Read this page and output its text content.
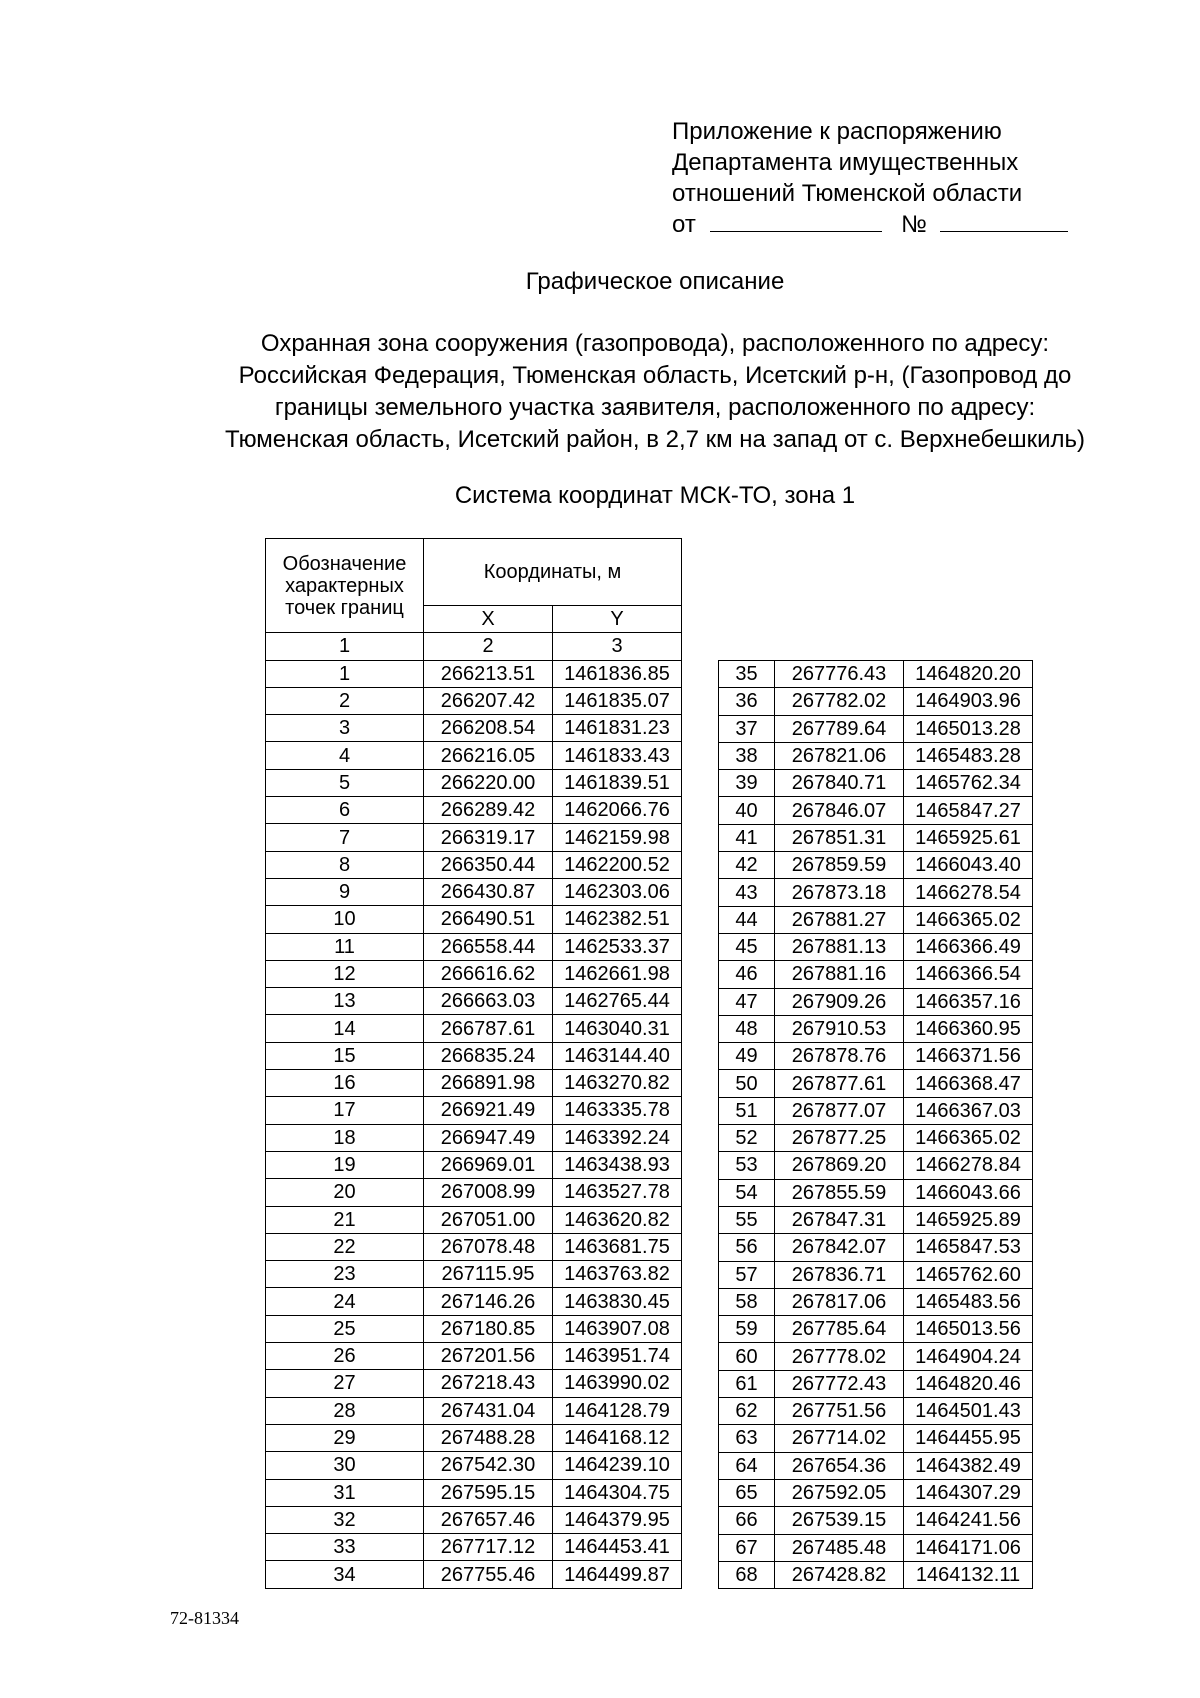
Приложение к распоряжению
Департамента имущественных
отношений Тюменской области
от	№
Графическое описание
Охранная зона сооружения (газопровода), расположенного по адресу:
Российская Федерация, Тюменская область, Исетский р-н, (Газопровод до
границы земельного участка заявителя, расположенного по адресу:
Тюменская область, Исетский район, в 2,7 км на запад от с. Верхнебешкиль)
Система координат МСК-ТО, зона 1
Обозначение
характерных
точек границ	Координаты, м	
	X	Y
1	2	3
1	266213.51	1461836.85
2	266207.42	1461835.07
3	266208.54	1461831.23
4	266216.05	1461833.43
5	266220.00	1461839.51
6	266289.42	1462066.76
7	266319.17	1462159.98
8	266350.44	1462200.52
9	266430.87	1462303.06
10	266490.51	1462382.51
11	266558.44	1462533.37
12	266616.62	1462661.98
13	266663.03	1462765.44
14	266787.61	1463040.31
15	266835.24	1463144.40
16	266891.98	1463270.82
17	266921.49	1463335.78
18	266947.49	1463392.24
19	266969.01	1463438.93
20	267008.99	1463527.78
21	267051.00	1463620.82
22	267078.48	1463681.75
23	267115.95	1463763.82
24	267146.26	1463830.45
25	267180.85	1463907.08
26	267201.56	1463951.74
27	267218.43	1463990.02
28	267431.04	1464128.79
29	267488.28	1464168.12
30	267542.30	1464239.10
31	267595.15	1464304.75
32	267657.46	1464379.95
33	267717.12	1464453.41
34	267755.46	1464499.87
35	267776.43	1464820.20
36	267782.02	1464903.96
37	267789.64	1465013.28
38	267821.06	1465483.28
39	267840.71	1465762.34
40	267846.07	1465847.27
41	267851.31	1465925.61
42	267859.59	1466043.40
43	267873.18	1466278.54
44	267881.27	1466365.02
45	267881.13	1466366.49
46	267881.16	1466366.54
47	267909.26	1466357.16
48	267910.53	1466360.95
49	267878.76	1466371.56
50	267877.61	1466368.47
51	267877.07	1466367.03
52	267877.25	1466365.02
53	267869.20	1466278.84
54	267855.59	1466043.66
55	267847.31	1465925.89
56	267842.07	1465847.53
57	267836.71	1465762.60
58	267817.06	1465483.56
59	267785.64	1465013.56
60	267778.02	1464904.24
61	267772.43	1464820.46
62	267751.56	1464501.43
63	267714.02	1464455.95
64	267654.36	1464382.49
65	267592.05	1464307.29
66	267539.15	1464241.56
67	267485.48	1464171.06
68	267428.82	1464132.11
72-81334
